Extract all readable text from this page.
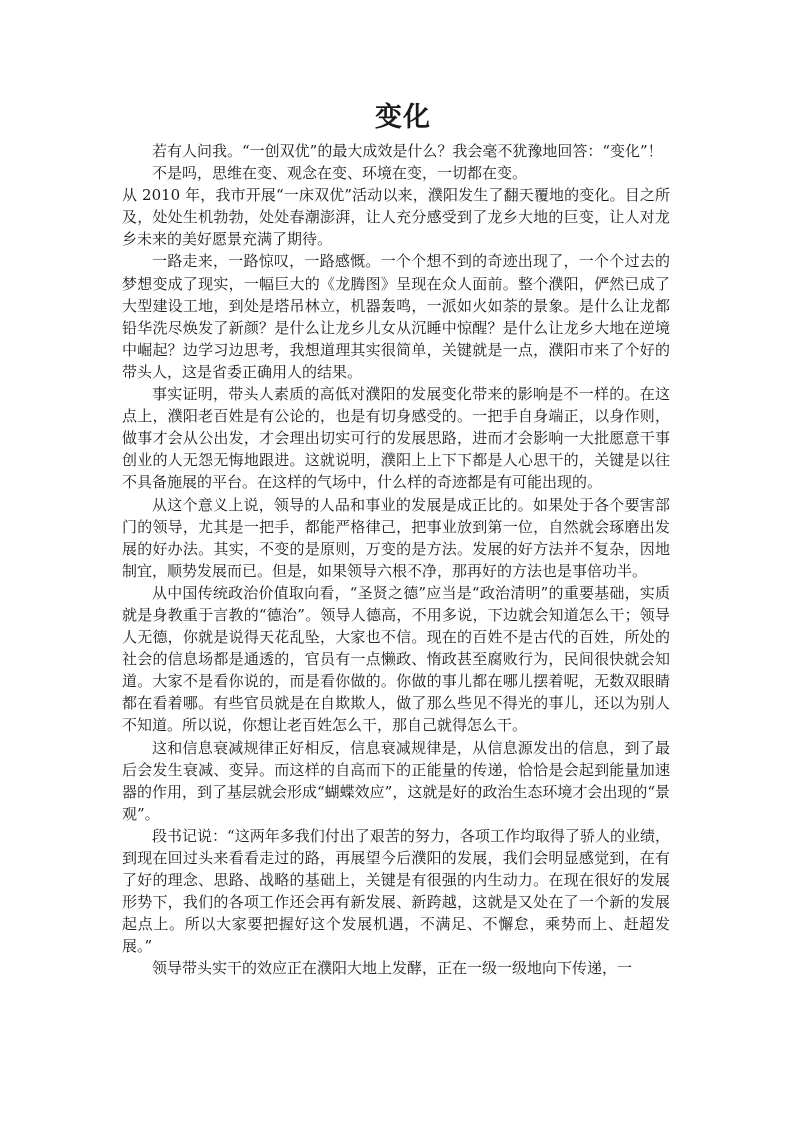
变化

若有人问我。“一创双优”的最大成效是什么？我会毫不犹豫地回答：“变化”！

不是吗，思维在变、观念在变、环境在变，一切都在变。

从 2010 年，我市开展“一床双优”活动以来，濮阳发生了翻天覆地的变化。目之所及，处处生机勃勃，处处春潮澎湃，让人充分感受到了龙乡大地的巨变，让人对龙乡未来的美好愿景充满了期待。

一路走来，一路惊叹，一路感慨。一个个想不到的奇迹出现了，一个个过去的梦想变成了现实，一幅巨大的《龙腾图》呈现在众人面前。整个濮阳，俨然已成了大型建设工地，到处是塔吊林立，机器轰鸣，一派如火如荼的景象。是什么让龙都铅华洗尽焕发了新颜？是什么让龙乡儿女从沉睡中惊醒？是什么让龙乡大地在逆境中崛起？边学习边思考，我想道理其实很简单，关键就是一点，濮阳市来了个好的带头人，这是省委正确用人的结果。

事实证明，带头人素质的高低对濮阳的发展变化带来的影响是不一样的。在这点上，濮阳老百姓是有公论的，也是有切身感受的。一把手自身端正，以身作则，做事才会从公出发，才会理出切实可行的发展思路，进而才会影响一大批愿意干事创业的人无怨无悔地跟进。这就说明，濮阳上上下下都是人心思干的，关键是以往不具备施展的平台。在这样的气场中，什么样的奇迹都是有可能出现的。

从这个意义上说，领导的人品和事业的发展是成正比的。如果处于各个要害部门的领导，尤其是一把手，都能严格律己，把事业放到第一位，自然就会琢磨出发展的好办法。其实，不变的是原则，万变的是方法。发展的好方法并不复杂，因地制宜，顺势发展而已。但是，如果领导六根不净，那再好的方法也是事倍功半。

从中国传统政治价值取向看，“圣贤之德”应当是“政治清明”的重要基础，实质就是身教重于言教的“德治”。领导人德高，不用多说，下边就会知道怎么干；领导人无德，你就是说得天花乱坠，大家也不信。现在的百姓不是古代的百姓，所处的社会的信息场都是通透的，官员有一点懒政、惰政甚至腐败行为，民间很快就会知道。大家不是看你说的，而是看你做的。你做的事儿都在哪儿摆着呢，无数双眼睛都在看着哪。有些官员就是在自欺欺人，做了那么些见不得光的事儿，还以为别人不知道。所以说，你想让老百姓怎么干，那自己就得怎么干。

这和信息衰减规律正好相反，信息衰减规律是，从信息源发出的信息，到了最后会发生衰减、变异。而这样的自高而下的正能量的传递，恰恰是会起到能量加速器的作用，到了基层就会形成“蝴蝶效应”，这就是好的政治生态环境才会出现的“景观”。

段书记说：“这两年多我们付出了艰苦的努力，各项工作均取得了骄人的业绩，到现在回过头来看看走过的路，再展望今后濮阳的发展，我们会明显感觉到，在有了好的理念、思路、战略的基础上，关键是有很强的内生动力。在现在很好的发展形势下，我们的各项工作还会再有新发展、新跨越，这就是又处在了一个新的发展起点上。所以大家要把握好这个发展机遇，不满足、不懈怠，乘势而上、赶超发展。”

领导带头实干的效应正在濮阳大地上发酵，正在一级一级地向下传递，一
